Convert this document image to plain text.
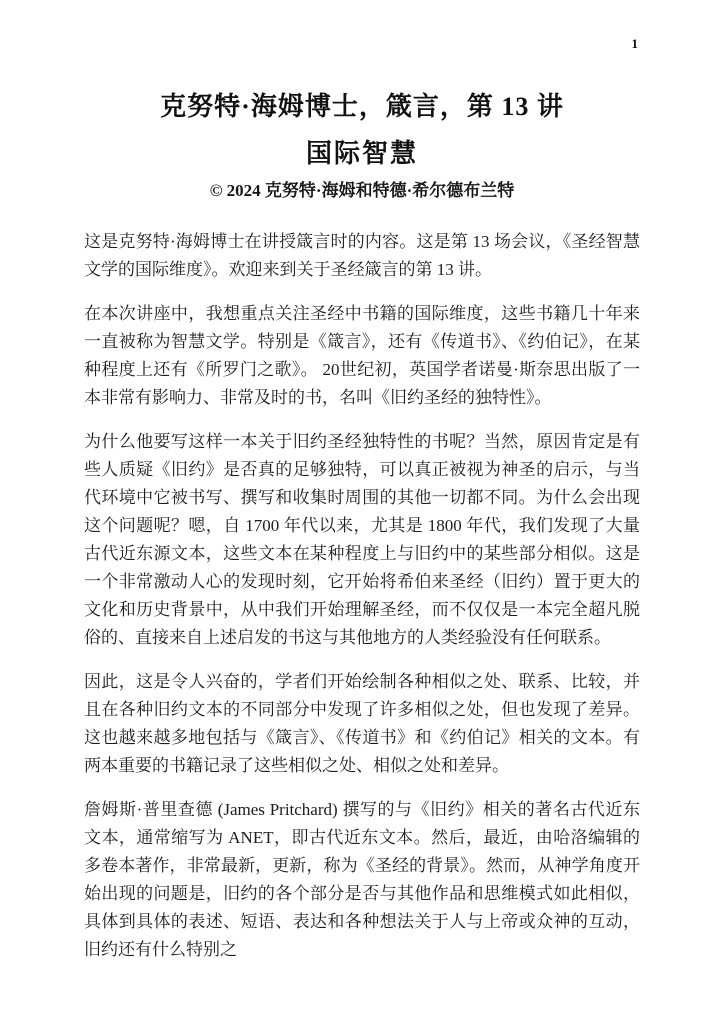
1
克努特·海姆博士，箴言，第 13 讲
国际智慧
© 2024 克努特·海姆和特德·希尔德布兰特

这是克努特·海姆博士在讲授箴言时的内容。这是第 13 场会议，《圣经智慧文学的国际维度》。欢迎来到关于圣经箴言的第 13 讲。

在本次讲座中，我想重点关注圣经中书籍的国际维度，这些书籍几十年来一直被称为智慧文学。特别是《箴言》，还有《传道书》、《约伯记》，在某种程度上还有《所罗门之歌》。 20世纪初，英国学者诺曼·斯奈思出版了一本非常有影响力、非常及时的书，名叫《旧约圣经的独特性》。

为什么他要写这样一本关于旧约圣经独特性的书呢？当然，原因肯定是有些人质疑《旧约》是否真的足够独特，可以真正被视为神圣的启示，与当代环境中它被书写、撰写和收集时周围的其他一切都不同。为什么会出现这个问题呢？嗯，自 1700 年代以来，尤其是 1800 年代，我们发现了大量古代近东源文本，这些文本在某种程度上与旧约中的某些部分相似。这是一个非常激动人心的发现时刻，它开始将希伯来圣经（旧约）置于更大的文化和历史背景中，从中我们开始理解圣经，而不仅仅是一本完全超凡脱俗的、直接来自上述启发的书这与其他地方的人类经验没有任何联系。

因此，这是令人兴奋的，学者们开始绘制各种相似之处、联系、比较，并且在各种旧约文本的不同部分中发现了许多相似之处，但也发现了差异。这也越来越多地包括与《箴言》、《传道书》和《约伯记》相关的文本。有两本重要的书籍记录了这些相似之处、相似之处和差异。

詹姆斯·普里查德 (James Pritchard) 撰写的与《旧约》相关的著名古代近东文本，通常缩写为 ANET，即古代近东文本。然后，最近，由哈洛编辑的多卷本著作，非常最新，更新，称为《圣经的背景》。然而，从神学角度开始出现的问题是，旧约的各个部分是否与其他作品和思维模式如此相似，具体到具体的表述、短语、表达和各种想法关于人与上帝或众神的互动，旧约还有什么特别之
